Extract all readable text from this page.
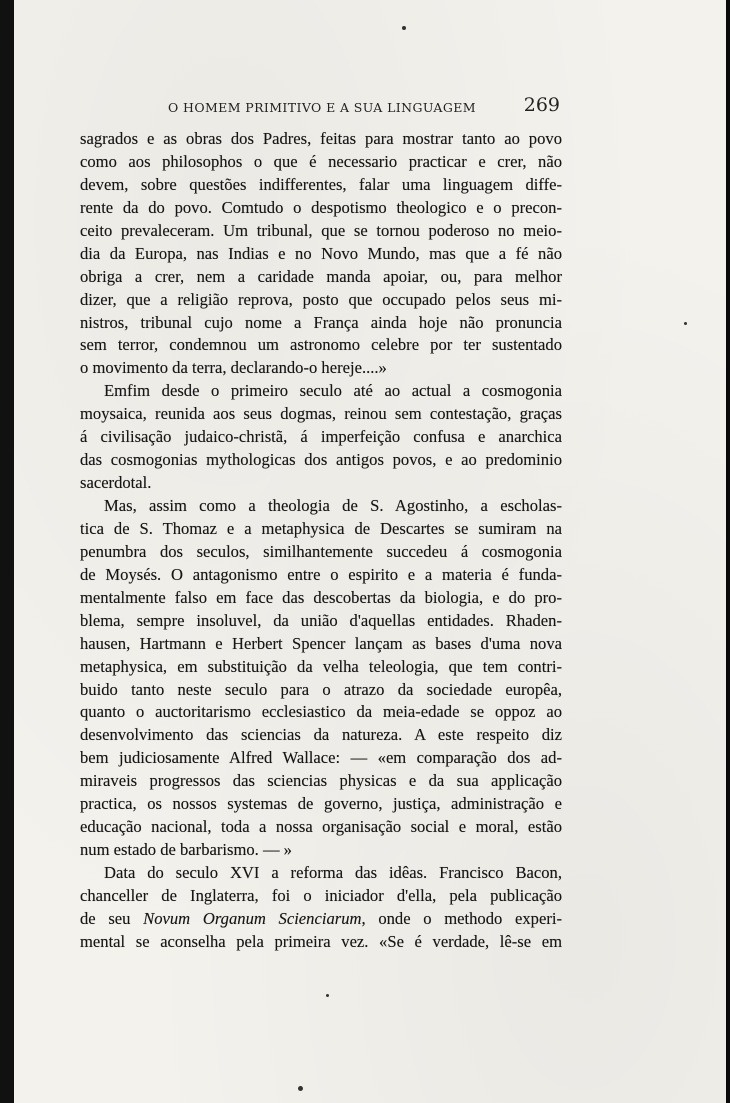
O HOMEM PRIMITIVO E A SUA LINGUAGEM	269
sagrados e as obras dos Padres, feitas para mostrar tanto ao povo
como aos philosophos o que é necessario practicar e crer, não
devem, sobre questões indifferentes, falar uma linguagem diffe-
rente da do povo. Comtudo o despotismo theologico e o precon-
ceito prevaleceram. Um tribunal, que se tornou poderoso no meio-
dia da Europa, nas Indias e no Novo Mundo, mas que a fé não
obriga a crer, nem a caridade manda apoiar, ou, para melhor
dizer, que a religião reprova, posto que occupado pelos seus mi-
nistros, tribunal cujo nome a França ainda hoje não pronuncia
sem terror, condemnou um astronomo celebre por ter sustentado
o movimento da terra, declarando-o hereje....»
Emfim desde o primeiro seculo até ao actual a cosmogonia
moysaica, reunida aos seus dogmas, reinou sem contestação, graças
á civilisação judaico-christã, á imperfeição confusa e anarchica
das cosmogonias mythologicas dos antigos povos, e ao predominio
sacerdotal.
Mas, assim como a theologia de S. Agostinho, a escholas-
tica de S. Thomaz e a metaphysica de Descartes se sumiram na
penumbra dos seculos, similhantemente succedeu á cosmogonia
de Moysés. O antagonismo entre o espirito e a materia é funda-
mentalmente falso em face das descobertas da biologia, e do pro-
blema, sempre insoluvel, da união d'aquellas entidades. Rhaden-
hausen, Hartmann e Herbert Spencer lançam as bases d'uma nova
metaphysica, em substituição da velha teleologia, que tem contri-
buido tanto neste seculo para o atrazo da sociedade europêa,
quanto o auctoritarismo ecclesiastico da meia-edade se oppoz ao
desenvolvimento das sciencias da natureza. A este respeito diz
bem judiciosamente Alfred Wallace: — «em comparação dos ad-
miraveis progressos das sciencias physicas e da sua applicação
practica, os nossos systemas de governo, justiça, administração e
educação nacional, toda a nossa organisação social e moral, estão
num estado de barbarismo. — »
Data do seculo XVI a reforma das idêas. Francisco Bacon,
chanceller de Inglaterra, foi o iniciador d'ella, pela publicação
de seu Novum Organum Scienciarum, onde o methodo experi-
mental se aconselha pela primeira vez. «Se é verdade, lê-se em
